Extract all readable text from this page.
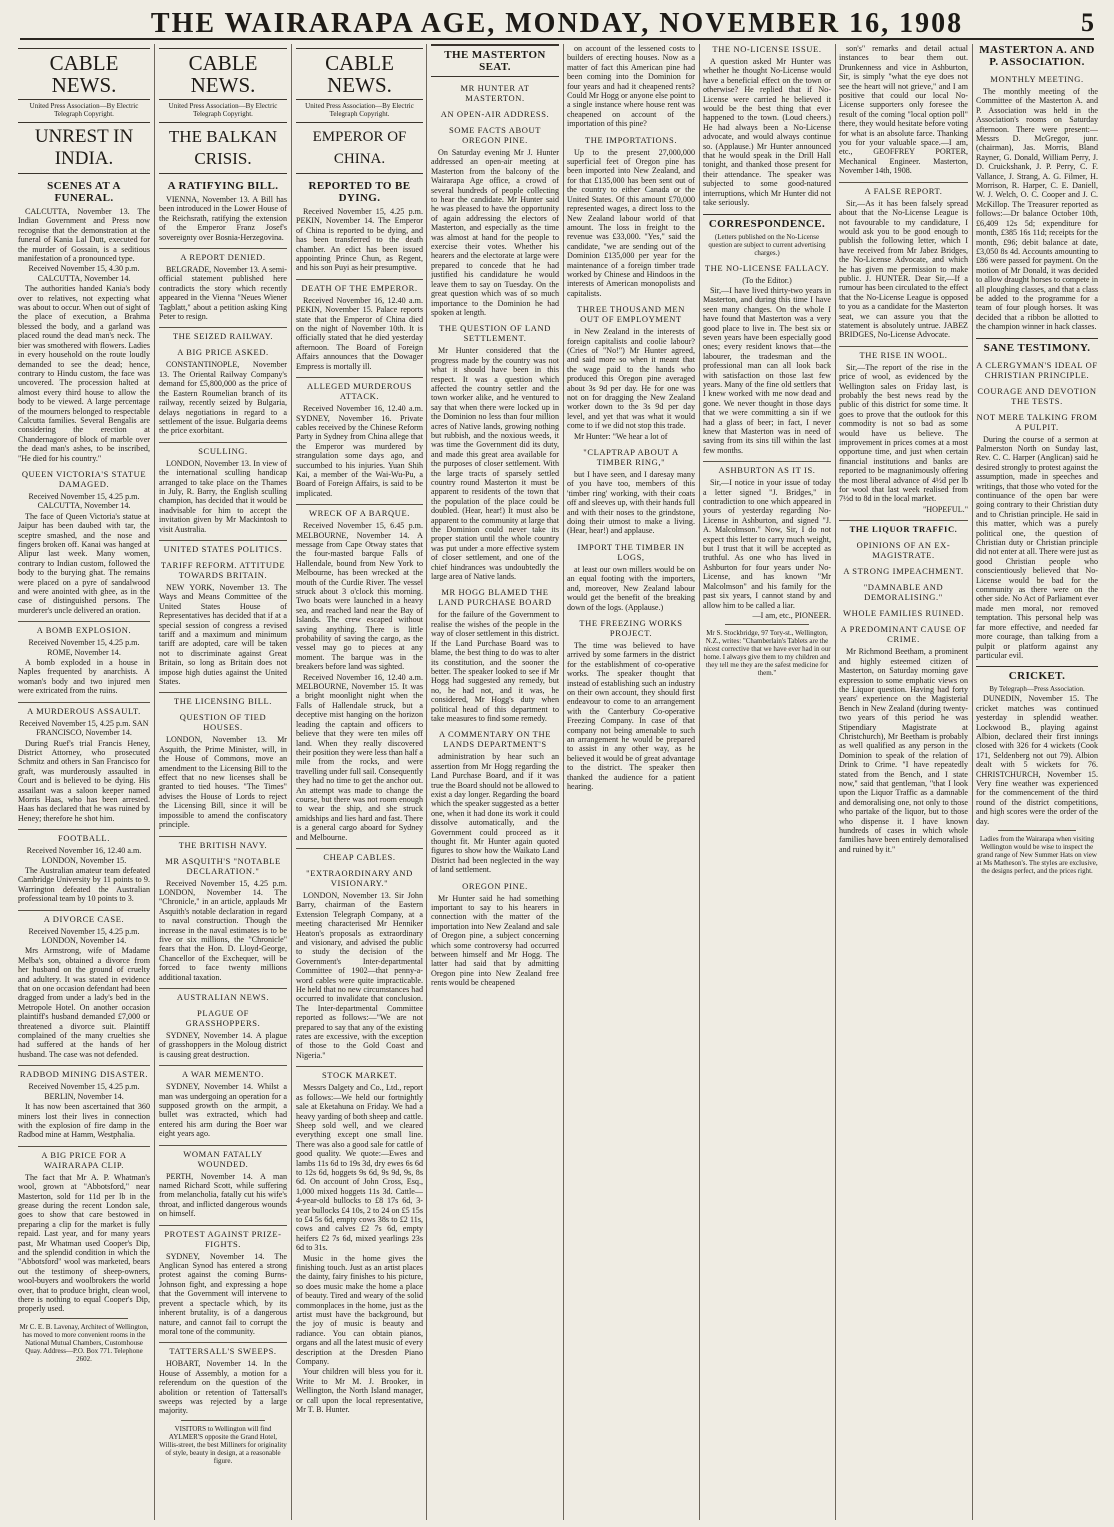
THE WAIRARAPA AGE, MONDAY, NOVEMBER 16, 1908	5
CABLE NEWS.

United Press Association—By Electric Telegraph Copyright.

UNREST IN INDIA.
SCENES AT A FUNERAL.

CALCUTTA, November 13. The Indian Government and Press now recognise that the demonstration at the funeral of Kania Lal Dutt, executed for the murder of Gossain, is a seditious manifestation of a pronounced type.

Received November 15, 4.30 p.m. CALCUTTA, November 14.

The authorities handed Kania's body over to relatives, not expecting what was about to occur. When out of sight of the place of execution, a Brahma blessed the body, and a garland was placed round the dead man's neck. The bier was smothered with flowers. Ladies in every household on the route loudly demanded to see the dead; hence, contrary to Hindu custom, the face was uncovered. The procession halted at almost every third house to allow the body to be viewed. A large percentage of the mourners belonged to respectable Calcutta families. Several Bengalis are considering the erection at Chandernagore of block of marble over the dead man's ashes, to be inscribed, "He died for his country."

QUEEN VICTORIA'S STATUE DAMAGED.

Received November 15, 4.25 p.m. CALCUTTA, November 14.

The face of Queen Victoria's statue at Jaipur has been daubed with tar, the sceptre smashed, and the nose and fingers broken off. Kanai was hanged at Alipur last week. Many women, contrary to Indian custom, followed the body to the burying ghat. The remains were placed on a pyre of sandalwood and were anointed with ghee, as in the case of distinguished persons. The murderer's uncle delivered an oration.

A BOMB EXPLOSION.

Received November 15, 4.25 p.m. ROME, November 14.

A bomb exploded in a house in Naples frequented by anarchists. A woman's body and two injured men were extricated from the ruins.

A MURDEROUS ASSAULT.

Received November 15, 4.25 p.m. SAN FRANCISCO, November 14.

During Ruef's trial Francis Heney, District Attorney, who prosecuted Schmitz and others in San Francisco for graft, was murderously assaulted in Court and is believed to be dying. His assailant was a saloon keeper named Morris Haas, who has been arrested. Haas has declared that he was ruined by Heney; therefore he shot him.

FOOTBALL.

Received November 16, 12.40 a.m. LONDON, November 15.

The Australian amateur team defeated Cambridge University by 11 points to 9. Warrington defeated the Australian professional team by 10 points to 3.

A DIVORCE CASE.

Received November 15, 4.25 p.m. LONDON, November 14.

Mrs Armstrong, wife of Madame Melba's son, obtained a divorce from her husband on the ground of cruelty and adultery. It was stated in evidence that on one occasion defendant had been dragged from under a lady's bed in the Metropole Hotel. On another occasion plaintiff's husband demanded £7,000 or threatened a divorce suit. Plaintiff complained of the many cruelties she had suffered at the hands of her husband. The case was not defended.

RADBOD MINING DISASTER.

Received November 15, 4.25 p.m. BERLIN, November 14.

It has now been ascertained that 360 miners lost their lives in connection with the explosion of fire damp in the Radbod mine at Hamm, Westphalia.

A BIG PRICE FOR A WAIRARAPA CLIP.

The fact that Mr A. P. Whatman's wool, grown at "Abbotsford," near Masterton, sold for 11d per lb in the grease during the recent London sale, goes to show that care bestowed in preparing a clip for the market is fully repaid. Last year, and for many years past, Mr Whatman used Cooper's Dip, and the splendid condition in which the "Abbotsford" wool was marketed, bears out the testimony of sheep-owners, wool-buyers and woolbrokers the world over, that to produce bright, clean wool, there is nothing to equal Cooper's Dip, properly used.

Mr C. E. B. Lavenay, Architect of Wellington, has moved to more convenient rooms in the National Mutual Chambers, Customhouse Quay. Address—P.O. Box 771. Telephone 2602.

CABLE NEWS.

United Press Association—By Electric Telegraph Copyright.

THE BALKAN CRISIS.
A RATIFYING BILL.

VIENNA, November 13. A Bill has been introduced in the Lower House of the Reichsrath, ratifying the extension of the Emperor Franz Josef's sovereignty over Bosnia-Herzegovina.

A REPORT DENIED.

BELGRADE, November 13. A semi-official statement published here contradicts the story which recently appeared in the Vienna "Neues Wiener Tagblatt," about a petition asking King Peter to resign.

THE SEIZED RAILWAY.
A BIG PRICE ASKED.

CONSTANTINOPLE, November 13. The Oriental Railway Company's demand for £5,800,000 as the price of the Eastern Roumelian branch of its railway, recently seized by Bulgaria, delays negotiations in regard to a settlement of the issue. Bulgaria deems the price exorbitant.

SCULLING.

LONDON, November 13. In view of the international sculling handicap arranged to take place on the Thames in July, R. Barry, the English sculling champion, has decided that it would be inadvisable for him to accept the invitation given by Mr Mackintosh to visit Australia.

UNITED STATES POLITICS.
TARIFF REFORM. ATTITUDE TOWARDS BRITAIN.

NEW YORK, November 13. The Ways and Means Committee of the United States House of Representatives has decided that if at a special session of congress a revised tariff and a maximum and minimum tariff are adopted, care will be taken not to discriminate against Great Britain, so long as Britain does not impose high duties against the United States.

THE LICENSING BILL.
QUESTION OF TIED HOUSES.

LONDON, November 13. Mr Asquith, the Prime Minister, will, in the House of Commons, move an amendment to the Licensing Bill to the effect that no new licenses shall be granted to tied houses. "The Times" advises the House of Lords to reject the Licensing Bill, since it will be impossible to amend the confiscatory principle.

THE BRITISH NAVY.
MR ASQUITH'S "NOTABLE DECLARATION."

Received November 15, 4.25 p.m. LONDON, November 14. The "Chronicle," in an article, applauds Mr Asquith's notable declaration in regard to naval construction. Though the increase in the naval estimates is to be five or six millions, the "Chronicle" fears that the Hon. D. Lloyd-George, Chancellor of the Exchequer, will be forced to face twenty millions additional taxation.

AUSTRALIAN NEWS.
PLAGUE OF GRASSHOPPERS.

SYDNEY, November 14. A plague of grasshoppers in the Moloug district is causing great destruction.

A WAR MEMENTO.

SYDNEY, November 14. Whilst a man was undergoing an operation for a supposed growth on the armpit, a bullet was extracted, which had entered his arm during the Boer war eight years ago.

WOMAN FATALLY WOUNDED.

PERTH, November 14. A man named Richard Scott, while suffering from melancholia, fatally cut his wife's throat, and inflicted dangerous wounds on himself.

PROTEST AGAINST PRIZE-FIGHTS.

SYDNEY, November 14. The Anglican Synod has entered a strong protest against the coming Burns-Johnson fight, and expressing a hope that the Government will intervene to prevent a spectacle which, by its inherent brutality, is of a dangerous nature, and cannot fail to corrupt the moral tone of the community.

TATTERSALL'S SWEEPS.

HOBART, November 14. In the House of Assembly, a motion for a referendum on the question of the abolition or retention of Tattersall's sweeps was rejected by a large majority.

VISITORS to Wellington will find AYLMER'S opposite the Grand Hotel, Willis-street, the best Milliners for originality of style, beauty in design, at a reasonable figure.

CABLE NEWS.

United Press Association—By Electric Telegraph Copyright.

EMPEROR OF CHINA.
REPORTED TO BE DYING.

Received November 15, 4.25 p.m. PEKIN, November 14. The Emperor of China is reported to be dying, and has been transferred to the death chamber. An edict has been issued appointing Prince Chun, as Regent, and his son Puyi as heir presumptive.

DEATH OF THE EMPEROR.

Received November 16, 12.40 a.m. PEKIN, November 15. Palace reports state that the Emperor of China died on the night of November 10th. It is officially stated that he died yesterday afternoon. The Board of Foreign Affairs announces that the Dowager Empress is mortally ill.

ALLEGED MURDEROUS ATTACK.

Received November 16, 12.40 a.m. SYDNEY, November 16. Private cables received by the Chinese Reform Party in Sydney from China allege that the Emperor was murdered by strangulation some days ago, and succumbed to his injuries. Yuan Shih Kai, a member of the Wai-Wu-Pu, a Board of Foreign Affairs, is said to be implicated.

WRECK OF A BARQUE.

Received November 15, 6.45 p.m. MELBOURNE, November 14. A message from Cape Otway states that the four-masted barque Falls of Hallendale, bound from New York to Melbourne, has been wrecked at the mouth of the Curdie River. The vessel struck about 3 o'clock this morning. Two boats were launched in a heavy sea, and reached land near the Bay of Islands. The crew escaped without saving anything. There is little probability of saving the cargo, as the vessel may go to pieces at any moment. The barque was in the breakers before land was sighted.

Received November 16, 12.40 a.m. MELBOURNE, November 15. It was a bright moonlight night when the Falls of Hallendale struck, but a deceptive mist hanging on the horizon leading the captain and officers to believe that they were ten miles off land. When they really discovered their position they were less than half a mile from the rocks, and were travelling under full sail. Consequently they had no time to get the anchor out. An attempt was made to change the course, but there was not room enough to wear the ship, and she struck amidships and lies hard and fast. There is a general cargo aboard for Sydney and Melbourne.

CHEAP CABLES.
"EXTRAORDINARY AND VISIONARY."

LONDON, November 13. Sir John Barry, chairman of the Eastern Extension Telegraph Company, at a meeting characterised Mr Henniker Heaton's proposals as extraordinary and visionary, and advised the public to study the decision of the Government's Inter-departmental Committee of 1902—that penny-a-word cables were quite impracticable. He held that no new circumstances had occurred to invalidate that conclusion. The Inter-departmental Committee reported as follows:—"We are not prepared to say that any of the existing rates are excessive, with the exception of those to the Gold Coast and Nigeria."

STOCK MARKET.

Messrs Dalgety and Co., Ltd., report as follows:—We held our fortnightly sale at Eketahuna on Friday. We had a heavy yarding of both sheep and cattle. Sheep sold well, and we cleared everything except one small line. There was also a good sale for cattle of good quality. We quote:—Ewes and lambs 11s 6d to 19s 3d, dry ewes 6s 6d to 12s 6d, hoggets 9s 6d, 9s 9d, 9s, 8s 6d. On account of John Cross, Esq., 1,000 mixed hoggets 11s 3d. Cattle—4-year-old bullocks to £8 17s 6d, 3-year bullocks £4 10s, 2 to 24 on £5 15s to £4 5s 6d, empty cows 38s to £2 11s, cows and calves £2 7s 6d, empty heifers £2 7s 6d, mixed yearlings 23s 6d to 31s.

Music in the home gives the finishing touch. Just as an artist places the dainty, fairy finishes to his picture, so does music make the home a place of beauty. Tired and weary of the solid commonplaces in the home, just as the artist must have the background, but the joy of music is beauty and radiance. You can obtain pianos, organs and all the latest music of every description at the Dresden Piano Company.

Your children will bless you for it. Write to Mr M. J. Brooker, in Wellington, the North Island manager, or call upon the local representative, Mr T. B. Hunter.

THE MASTERTON SEAT.
MR HUNTER AT MASTERTON.
AN OPEN-AIR ADDRESS.
SOME FACTS ABOUT OREGON PINE.

On Saturday evening Mr J. Hunter addressed an open-air meeting at Masterton from the balcony of the Wairarapa Age office, a crowd of several hundreds of people collecting to hear the candidate. Mr Hunter said he was pleased to have the opportunity of again addressing the electors of Masterton, and especially as the time was almost at hand for the people to exercise their votes. Whether his hearers and the electorate at large were prepared to concede that he had justified his candidature he would leave them to say on Tuesday. On the great question which was of so much importance to the Dominion he had spoken at length.

THE QUESTION OF LAND SETTLEMENT.

Mr Hunter considered that the progress made by the country was not what it should have been in this respect. It was a question which affected the country settler and the town worker alike, and he ventured to say that when there were locked up in the Dominion no less than four million acres of Native lands, growing nothing but rubbish, and the noxious weeds, it was time the Government did its duty, and made this great area available for the purposes of closer settlement. With the large tracts of sparsely settled country round Masterton it must be apparent to residents of the town that the population of the place could be doubled. (Hear, hear!) It must also be apparent to the community at large that the Dominion could never take its proper station until the whole country was put under a more effective system of closer settlement, and one of the chief hindrances was undoubtedly the large area of Native lands.

MR HOGG BLAMED THE LAND PURCHASE BOARD

for the failure of the Government to realise the wishes of the people in the way of closer settlement in this district. If the Land Purchase Board was to blame, the best thing to do was to alter its constitution, and the sooner the better. The speaker looked to see if Mr Hogg had suggested any remedy, but no, he had not, and it was, he considered, Mr Hogg's duty when political head of this department to take measures to find some remedy.

A COMMENTARY ON THE LANDS DEPARTMENT'S

administration by hear such an assertion from Mr Hogg regarding the Land Purchase Board, and if it was true the Board should not be allowed to exist a day longer. Regarding the board which the speaker suggested as a better one, when it had done its work it could dissolve automatically, and the Government could proceed as it thought fit. Mr Hunter again quoted figures to show how the Waikato Land District had been neglected in the way of land settlement.

OREGON PINE.

Mr Hunter said he had something important to say to his hearers in connection with the matter of the importation into New Zealand and sale of Oregon pine, a subject concerning which some controversy had occurred between himself and Mr Hogg. The latter had said that by admitting Oregon pine into New Zealand free rents would be cheapened

on account of the lessened costs to builders of erecting houses. Now as a matter of fact this American pine had been coming into the Dominion for four years and had it cheapened rents? Could Mr Hogg or anyone else point to a single instance where house rent was cheapened on account of the importation of this pine?

THE IMPORTATIONS.

Up to the present 27,000,000 superficial feet of Oregon pine has been imported into New Zealand, and for that £135,000 has been sent out of the country to either Canada or the United States. Of this amount £70,000 represented wages, a direct loss to the New Zealand labour world of that amount. The loss in freight to the revenue was £33,000. "Yes," said the candidate, "we are sending out of the Dominion £135,000 per year for the maintenance of a foreign timber trade worked by Chinese and Hindoos in the interests of American monopolists and capitalists.

THREE THOUSAND MEN OUT OF EMPLOYMENT

in New Zealand in the interests of foreign capitalists and coolie labour? (Cries of "No!") Mr Hunter agreed, and said more so when it meant that the wage paid to the hands who produced this Oregon pine averaged about 3s 9d per day. He for one was not on for dragging the New Zealand worker down to the 3s 9d per day level, and yet that was what it would come to if we did not stop this trade.

Mr Hunter: "We hear a lot of

"CLAPTRAP ABOUT A TIMBER RING,"

but I have seen, and I daresay many of you have too, members of this 'timber ring' working, with their coats off and sleeves up, with their hands full and with their noses to the grindstone, doing their utmost to make a living. (Hear, hear!) and applause.

IMPORT THE TIMBER IN LOGS,

at least our own millers would be on an equal footing with the importers, and, moreover, New Zealand labour would get the benefit of the breaking down of the logs. (Applause.)

THE FREEZING WORKS PROJECT.

The time was believed to have arrived by some farmers in the district for the establishment of co-operative works. The speaker thought that instead of establishing such an industry on their own account, they should first endeavour to come to an arrangement with the Canterbury Co-operative Freezing Company. In case of that company not being amenable to such an arrangement he would be prepared to assist in any other way, as he believed it would be of great advantage to the district. The speaker then thanked the audience for a patient hearing.

THE NO-LICENSE ISSUE.

A question asked Mr Hunter was whether he thought No-License would have a beneficial effect on the town or otherwise? He replied that if No-License were carried he believed it would be the best thing that ever happened to the town. (Loud cheers.) He had always been a No-License advocate, and would always continue so. (Applause.) Mr Hunter announced that he would speak in the Drill Hall tonight, and thanked those present for their attendance. The speaker was subjected to some good-natured interruptions, which Mr Hunter did not take seriously.

CORRESPONDENCE.

(Letters published on the No-License question are subject to current advertising charges.)

THE NO-LICENSE FALLACY.

(To the Editor.)

Sir,—I have lived thirty-two years in Masterton, and during this time I have seen many changes. On the whole I have found that Masterton was a very good place to live in. The best six or seven years have been especially good ones; every resident knows that—the labourer, the tradesman and the professional man can all look back with satisfaction on those last few years. Many of the fine old settlers that I knew worked with me now dead and gone. We never thought in those days that we were committing a sin if we had a glass of beer; in fact, I never knew that Masterton was in need of saving from its sins till within the last few months.

ASHBURTON AS IT IS.

Sir,—I notice in your issue of today a letter signed "J. Bridges," in contradiction to one which appeared in yours of yesterday regarding No-License in Ashburton, and signed "J. A. Malcolmson." Now, Sir, I do not expect this letter to carry much weight, but I trust that it will be accepted as truthful. As one who has lived in Ashburton for four years under No-License, and has known "Mr Malcolmson" and his family for the past six years, I cannot stand by and allow him to be called a liar.

—I am, etc., PIONEER.

Mr S. Stockbridge, 97 Tory-st., Wellington, N.Z., writes: "Chamberlain's Tablets are the nicest corrective that we have ever had in our home. I always give them to my children and they tell me they are the safest medicine for them."

son's" remarks and detail actual instances to bear them out. Drunkenness and vice in Ashburton, Sir, is simply "what the eye does not see the heart will not grieve," and I am positive that could our local No-License supporters only foresee the result of the coming "local option poll" there, they would hesitate before voting for what is an absolute farce. Thanking you for your valuable space.—I am, etc., GEOFFREY PORTER, Mechanical Engineer. Masterton, November 14th, 1908.

A FALSE REPORT.

Sir,—As it has been falsely spread about that the No-License League is not favourable to my candidature, I would ask you to be good enough to publish the following letter, which I have received from Mr Jabez Bridges, the No-License Advocate, and which he has given me permission to make public. J. HUNTER. Dear Sir,—If a rumour has been circulated to the effect that the No-License League is opposed to you as a candidate for the Masterton seat, we can assure you that the statement is absolutely untrue. JABEZ BRIDGES, No-License Advocate.

THE RISE IN WOOL.

Sir,—The report of the rise in the price of wool, as evidenced by the Wellington sales on Friday last, is probably the best news read by the public of this district for some time. It goes to prove that the outlook for this commodity is not so bad as some would have us believe. The improvement in prices comes at a most opportune time, and just when certain financial institutions and banks are reported to be magnanimously offering the most liberal advance of 4½d per lb for wool that last week realised from 7½d to 8d in the local market.

"HOPEFUL."

THE LIQUOR TRAFFIC.
OPINIONS OF AN EX-MAGISTRATE.
A STRONG IMPEACHMENT.
"DAMNABLE AND DEMORALISING."
WHOLE FAMILIES RUINED.
A PREDOMINANT CAUSE OF CRIME.

Mr Richmond Beetham, a prominent and highly esteemed citizen of Masterton, on Saturday morning gave expression to some emphatic views on the Liquor question. Having had forty years' experience on the Magisterial Bench in New Zealand (during twenty-two years of this period he was Stipendiary Magistrate at Christchurch), Mr Beetham is probably as well qualified as any person in the Dominion to speak of the relation of Drink to Crime. "I have repeatedly stated from the Bench, and I state now," said that gentleman, "that I look upon the Liquor Traffic as a damnable and demoralising one, not only to those who partake of the liquor, but to those who dispense it. I have known hundreds of cases in which whole families have been entirely demoralised and ruined by it."

MASTERTON A. AND P. ASSOCIATION.
MONTHLY MEETING.

The monthly meeting of the Committee of the Masterton A. and P. Association was held in the Association's rooms on Saturday afternoon. There were present:—Messrs D. McGregor, junr. (chairman), Jas. Morris, Bland Rayner, G. Donald, William Perry, J. D. Cruickshank, J. P. Perry, C. F. Vallance, J. Strang, A. G. Filmer, H. Morrison, R. Harper, C. E. Daniell, W. J. Welch, O. C. Cooper and J. C. McKillop. The Treasurer reported as follows:—Dr balance October 10th, £6,409 12s 5d; expenditure for month, £385 16s 11d; receipts for the month, £96; debit balance at date, £3,050 8s 4d. Accounts amounting to £86 were passed for payment. On the motion of Mr Donald, it was decided to allow draught horses to compete in all ploughing classes, and that a class be added to the programme for a team of four plough horses. It was decided that a ribbon be allotted to the champion winner in hack classes.

SANE TESTIMONY.
A CLERGYMAN'S IDEAL OF CHRISTIAN PRINCIPLE.
COURAGE AND DEVOTION THE TESTS.
NOT MERE TALKING FROM A PULPIT.

During the course of a sermon at Palmerston North on Sunday last, Rev. C. C. Harper (Anglican) said he desired strongly to protest against the assumption, made in speeches and writings, that those who voted for the continuance of the open bar were going contrary to their Christian duty and to Christian principle. He said in this matter, which was a purely political one, the question of Christian duty or Christian principle did not enter at all. There were just as good Christian people who conscientiously believed that No-License would be bad for the community as there were on the other side. No Act of Parliament ever made men moral, nor removed temptation. This personal help was far more effective, and needed far more courage, than talking from a pulpit or platform against any particular evil.

CRICKET.

By Telegraph—Press Association.

DUNEDIN, November 15. The cricket matches was continued yesterday in splendid weather. Lockwood B., playing against Albion, declared their first innings closed with 326 for 4 wickets (Cook 171, Seldenberg not out 79). Albion dealt with 5 wickets for 76. CHRISTCHURCH, November 15. Very fine weather was experienced for the commencement of the third round of the district competitions, and high scores were the order of the day.

Ladies from the Wairarapa when visiting Wellington would be wise to inspect the grand range of New Summer Hats on view at Ms Matheson's. The styles are exclusive, the designs perfect, and the prices right.
